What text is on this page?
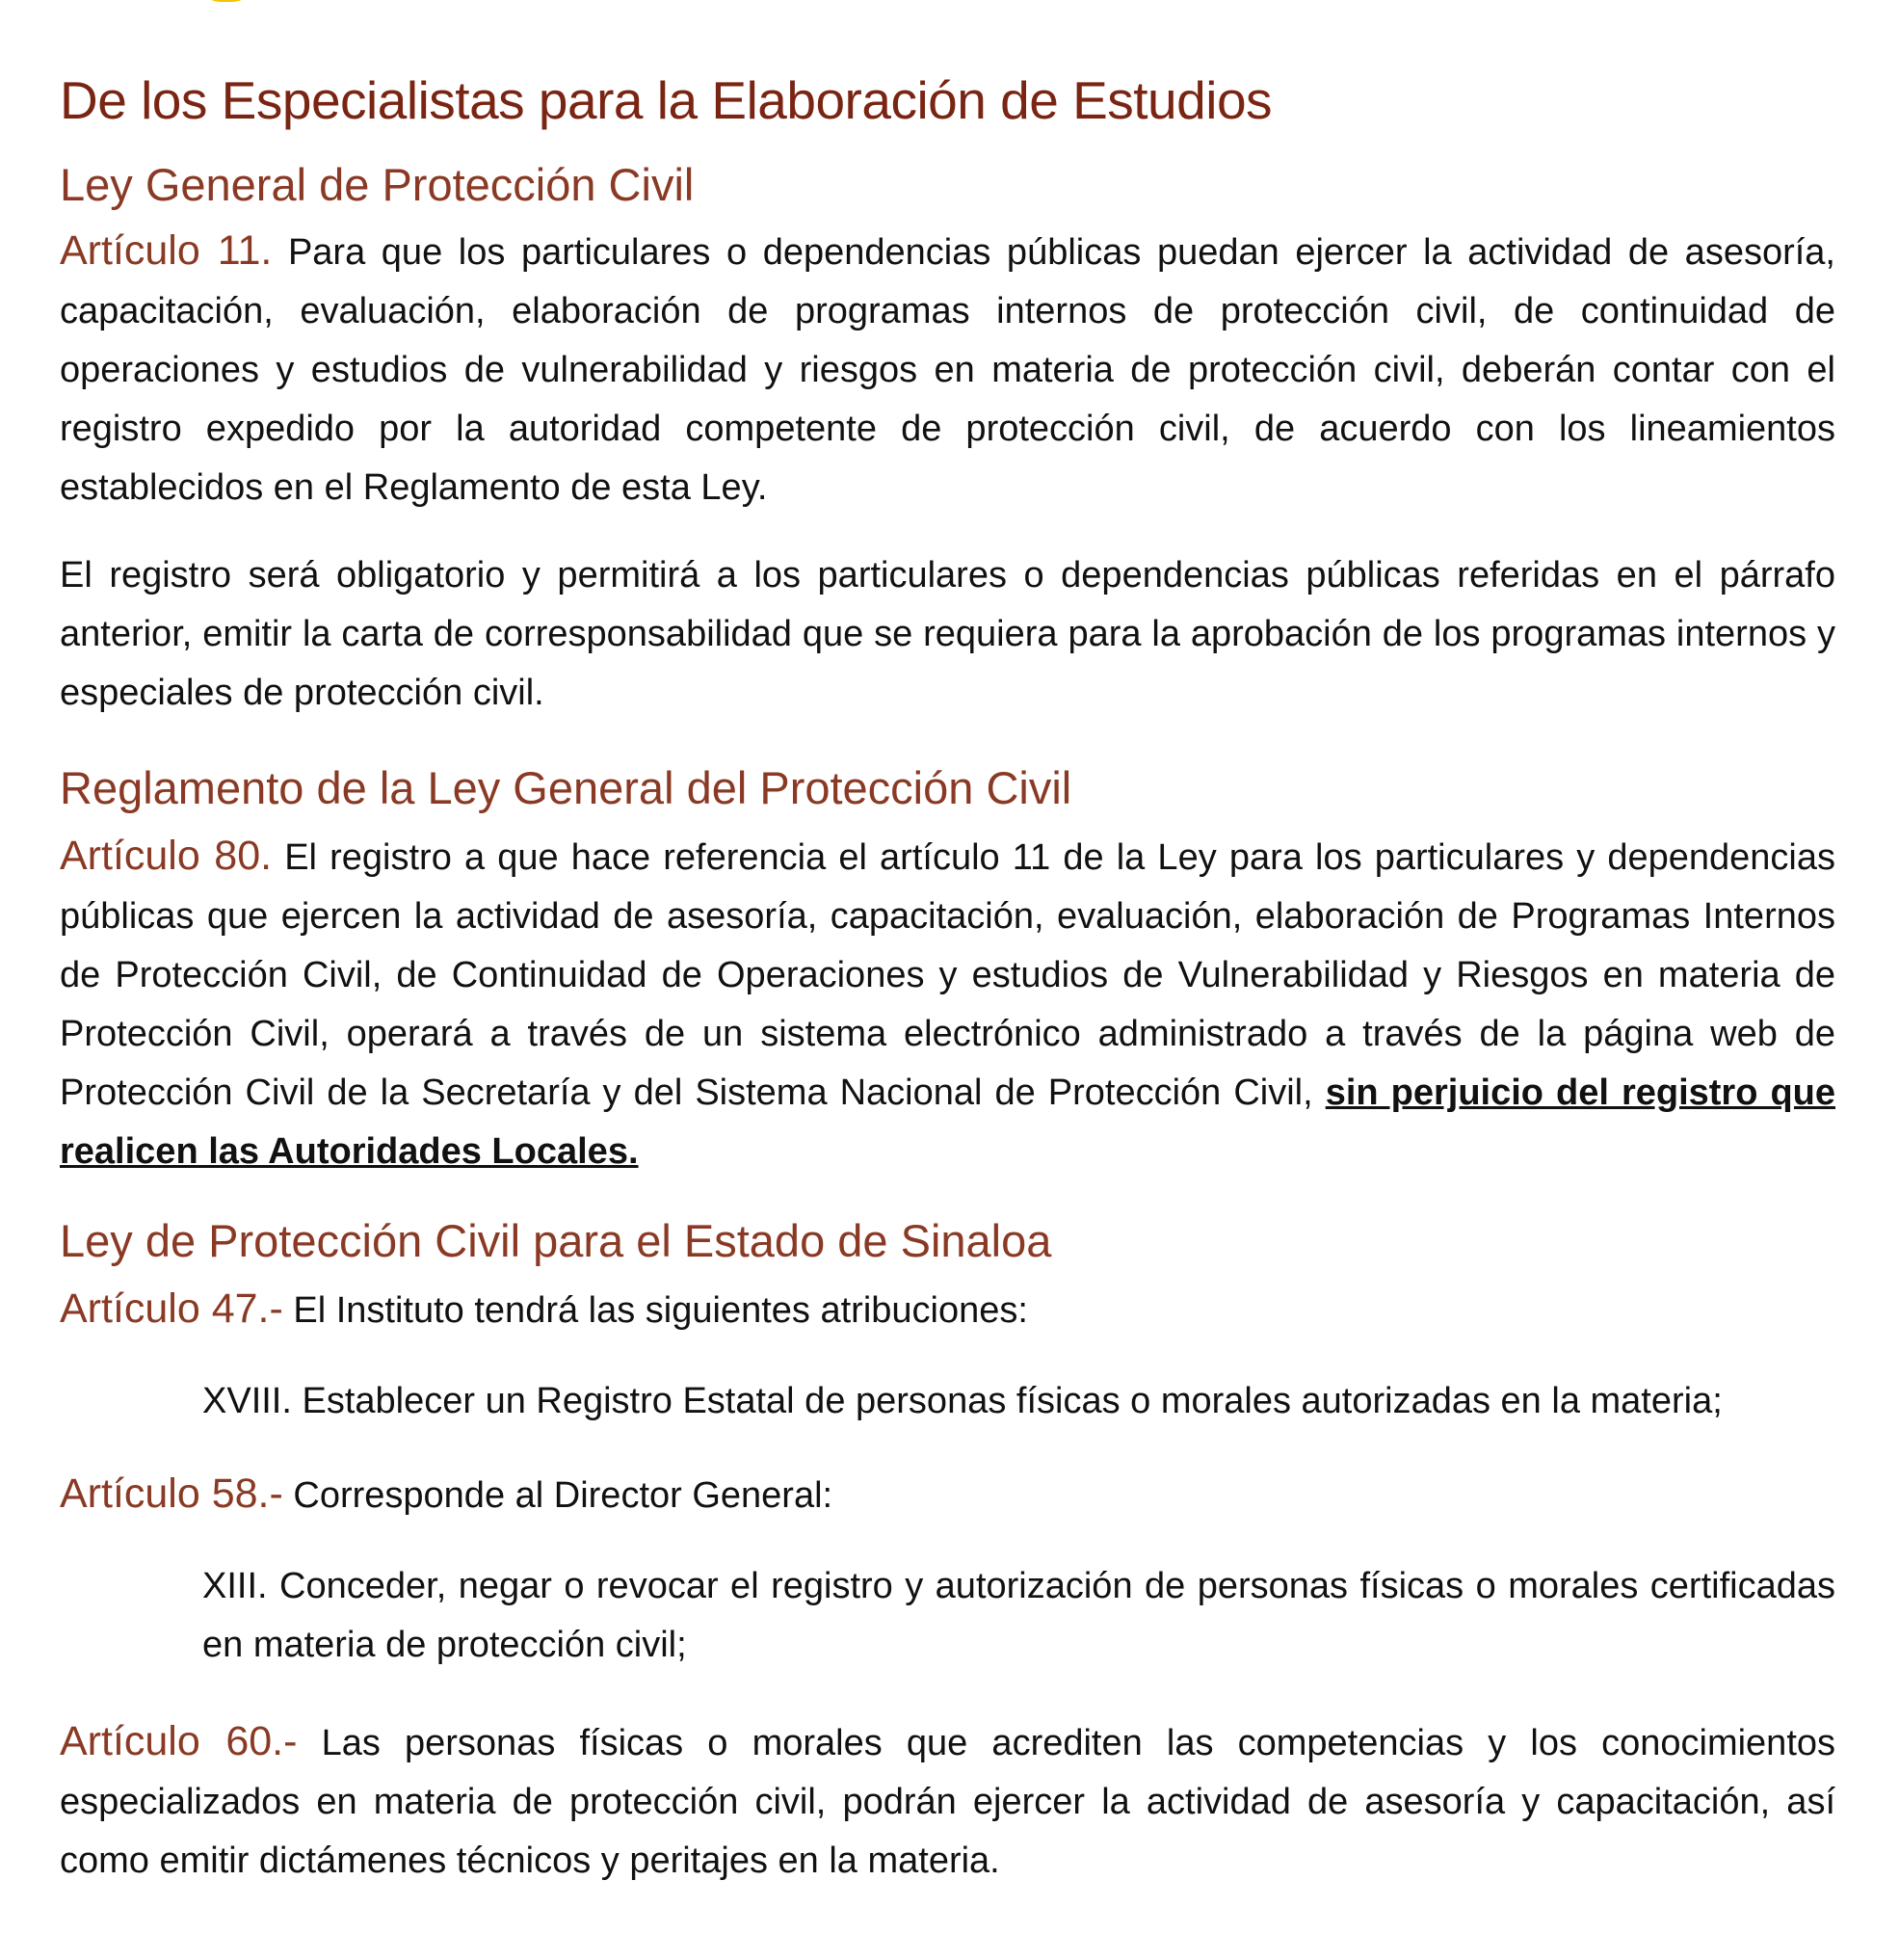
De los Especialistas para la Elaboración de Estudios
Ley General de Protección Civil

Artículo 11. Para que los particulares o dependencias públicas puedan ejercer la actividad de asesoría, capacitación, evaluación, elaboración de programas internos de protección civil, de continuidad de operaciones y estudios de vulnerabilidad y riesgos en materia de protección civil, deberán contar con el registro expedido por la autoridad competente de protección civil, de acuerdo con los lineamientos establecidos en el Reglamento de esta Ley.

El registro será obligatorio y permitirá a los particulares o dependencias públicas referidas en el párrafo anterior, emitir la carta de corresponsabilidad que se requiera para la aprobación de los programas internos y especiales de protección civil.

Reglamento de la Ley General del Protección Civil

Artículo 80. El registro a que hace referencia el artículo 11 de la Ley para los particulares y dependencias públicas que ejercen la actividad de asesoría, capacitación, evaluación, elaboración de Programas Internos de Protección Civil, de Continuidad de Operaciones y estudios de Vulnerabilidad y Riesgos en materia de Protección Civil, operará a través de un sistema electrónico administrado a través de la página web de Protección Civil de la Secretaría y del Sistema Nacional de Protección Civil, sin perjuicio del registro que realicen las Autoridades Locales.

Ley de Protección Civil para el Estado de Sinaloa

Artículo 47.- El Instituto tendrá las siguientes atribuciones:

XVIII. Establecer un Registro Estatal de personas físicas o morales autorizadas en la materia;

Artículo 58.- Corresponde al Director General:

XIII. Conceder, negar o revocar el registro y autorización de personas físicas o morales certificadas en materia de protección civil;

Artículo 60.- Las personas físicas o morales que acrediten las competencias y los conocimientos especializados en materia de protección civil, podrán ejercer la actividad de asesoría y capacitación, así como emitir dictámenes técnicos y peritajes en la materia.
